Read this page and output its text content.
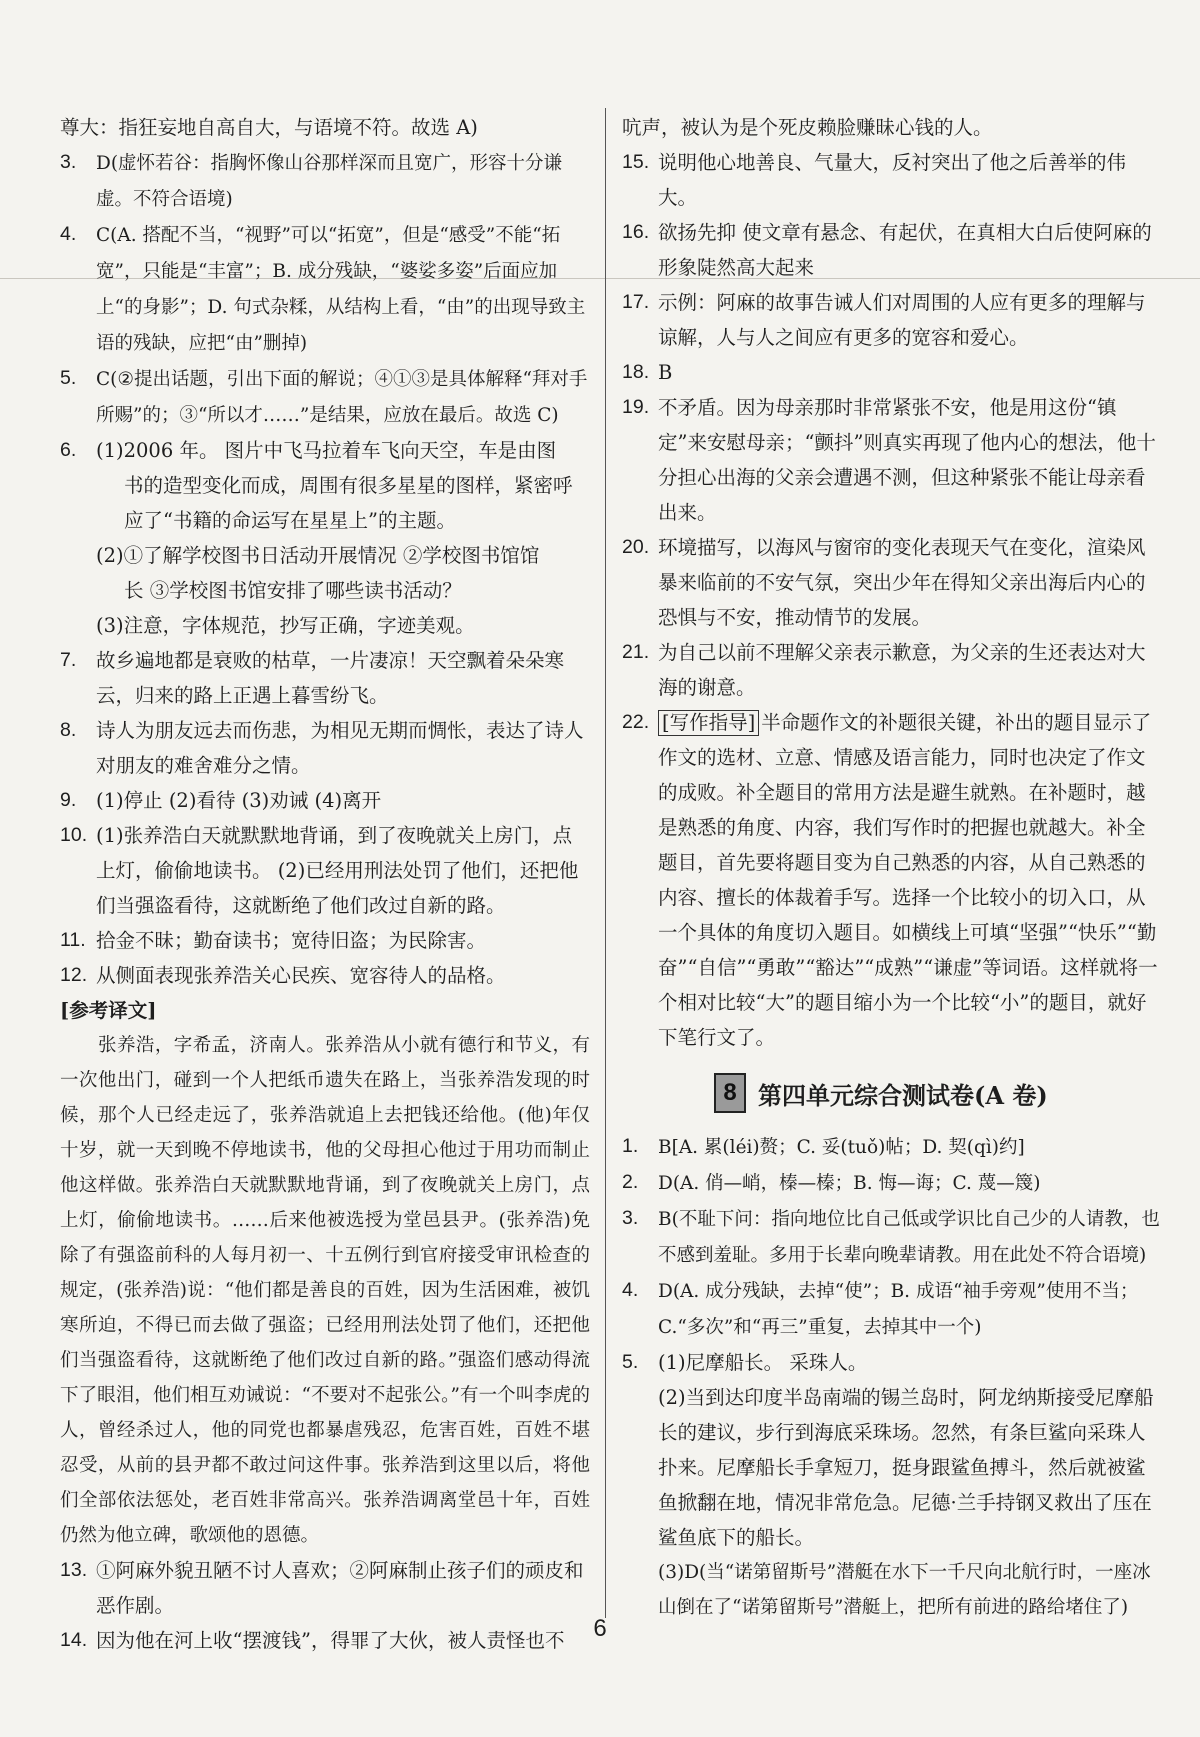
尊大：指狂妄地自高自大，与语境不符。故选 A)
3. D(虚怀若谷：指胸怀像山谷那样深而且宽广，形容十分谦虚。不符合语境)
4. C(A. 搭配不当，“视野”可以“拓宽”，但是“感受”不能“拓宽”，只能是“丰富”；B. 成分残缺，“婆娑多姿”后面应加上“的身影”；D. 句式杂糅，从结构上看，“由”的出现导致主语的残缺，应把“由”删掉)
5. C(②提出话题，引出下面的解说；④①③是具体解释“拜对手所赐”的；③“所以才……”是结果，应放在最后。故选 C)
6. (1)2006 年。 图片中飞马拉着车飞向天空，车是由图
书的造型变化而成，周围有很多星星的图样，紧密呼应了“书籍的命运写在星星上”的主题。
(2)①了解学校图书日活动开展情况 ②学校图书馆馆
长 ③学校图书馆安排了哪些读书活动？
(3)注意，字体规范，抄写正确，字迹美观。
7. 故乡遍地都是衰败的枯草，一片凄凉！天空飘着朵朵寒云，归来的路上正遇上暮雪纷飞。
8. 诗人为朋友远去而伤悲，为相见无期而惆怅，表达了诗人对朋友的难舍难分之情。
9. (1)停止 (2)看待 (3)劝诫 (4)离开
10. (1)张养浩白天就默默地背诵，到了夜晚就关上房门，点上灯，偷偷地读书。 (2)已经用刑法处罚了他们，还把他们当强盗看待，这就断绝了他们改过自新的路。
11. 拾金不昧；勤奋读书；宽待旧盗；为民除害。
12. 从侧面表现张养浩关心民疾、宽容待人的品格。
[参考译文]
张养浩，字希孟，济南人。张养浩从小就有德行和节义，有一次他出门，碰到一个人把纸币遗失在路上，当张养浩发现的时候，那个人已经走远了，张养浩就追上去把钱还给他。(他)年仅十岁，就一天到晚不停地读书，他的父母担心他过于用功而制止他这样做。张养浩白天就默默地背诵，到了夜晚就关上房门，点上灯，偷偷地读书。……后来他被选授为堂邑县尹。(张养浩)免除了有强盗前科的人每月初一、十五例行到官府接受审讯检查的规定，(张养浩)说：“他们都是善良的百姓，因为生活困难，被饥寒所迫，不得已而去做了强盗；已经用刑法处罚了他们，还把他们当强盗看待，这就断绝了他们改过自新的路。”强盗们感动得流下了眼泪，他们相互劝诫说：“不要对不起张公。”有一个叫李虎的人，曾经杀过人，他的同党也都暴虐残忍，危害百姓，百姓不堪忍受，从前的县尹都不敢过问这件事。张养浩到这里以后，将他们全部依法惩处，老百姓非常高兴。张养浩调离堂邑十年，百姓仍然为他立碑，歌颂他的恩德。
13. ①阿麻外貌丑陋不讨人喜欢；②阿麻制止孩子们的顽皮和恶作剧。
14. 因为他在河上收“摆渡钱”，得罪了大伙，被人责怪也不
吭声，被认为是个死皮赖脸赚昧心钱的人。
15. 说明他心地善良、气量大，反衬突出了他之后善举的伟大。
16. 欲扬先抑 使文章有悬念、有起伏，在真相大白后使阿麻的形象陡然高大起来
17. 示例：阿麻的故事告诫人们对周围的人应有更多的理解与谅解，人与人之间应有更多的宽容和爱心。
18. B
19. 不矛盾。因为母亲那时非常紧张不安，他是用这份“镇定”来安慰母亲；“颤抖”则真实再现了他内心的想法，他十分担心出海的父亲会遭遇不测，但这种紧张不能让母亲看出来。
20. 环境描写，以海风与窗帘的变化表现天气在变化，渲染风暴来临前的不安气氛，突出少年在得知父亲出海后内心的恐惧与不安，推动情节的发展。
21. 为自己以前不理解父亲表示歉意，为父亲的生还表达对大海的谢意。
22. [写作指导] 半命题作文的补题很关键，补出的题目显示了作文的选材、立意、情感及语言能力，同时也决定了作文的成败。补全题目的常用方法是避生就熟。在补题时，越是熟悉的角度、内容，我们写作时的把握也就越大。补全题目，首先要将题目变为自己熟悉的内容，从自己熟悉的内容、擅长的体裁着手写。选择一个比较小的切入口，从一个具体的角度切入题目。如横线上可填“坚强”“快乐”“勤奋”“自信”“勇敢”“豁达”“成熟”“谦虚”等词语。这样就将一个相对比较“大”的题目缩小为一个比较“小”的题目，就好下笔行文了。
8 第四单元综合测试卷(A 卷)
1. B[A. 累(léi)赘；C. 妥(tuǒ)帖；D. 契(qì)约]
2. D(A. 俏—峭，榛—榛；B. 悔—诲；C. 蔑—篾)
3. B(不耻下问：指向地位比自己低或学识比自己少的人请教，也不感到羞耻。多用于长辈向晚辈请教。用在此处不符合语境)
4. D(A. 成分残缺，去掉“使”；B. 成语“袖手旁观”使用不当；C.“多次”和“再三”重复，去掉其中一个)
5. (1)尼摩船长。 采珠人。
(2)当到达印度半岛南端的锡兰岛时，阿龙纳斯接受尼摩船长的建议，步行到海底采珠场。忽然，有条巨鲨向采珠人扑来。尼摩船长手拿短刀，挺身跟鲨鱼搏斗，然后就被鲨鱼掀翻在地，情况非常危急。尼德·兰手持钢叉救出了压在鲨鱼底下的船长。
(3)D(当“诺第留斯号”潜艇在水下一千尺向北航行时，一座冰山倒在了“诺第留斯号”潜艇上，把所有前进的路给堵住了)
6
